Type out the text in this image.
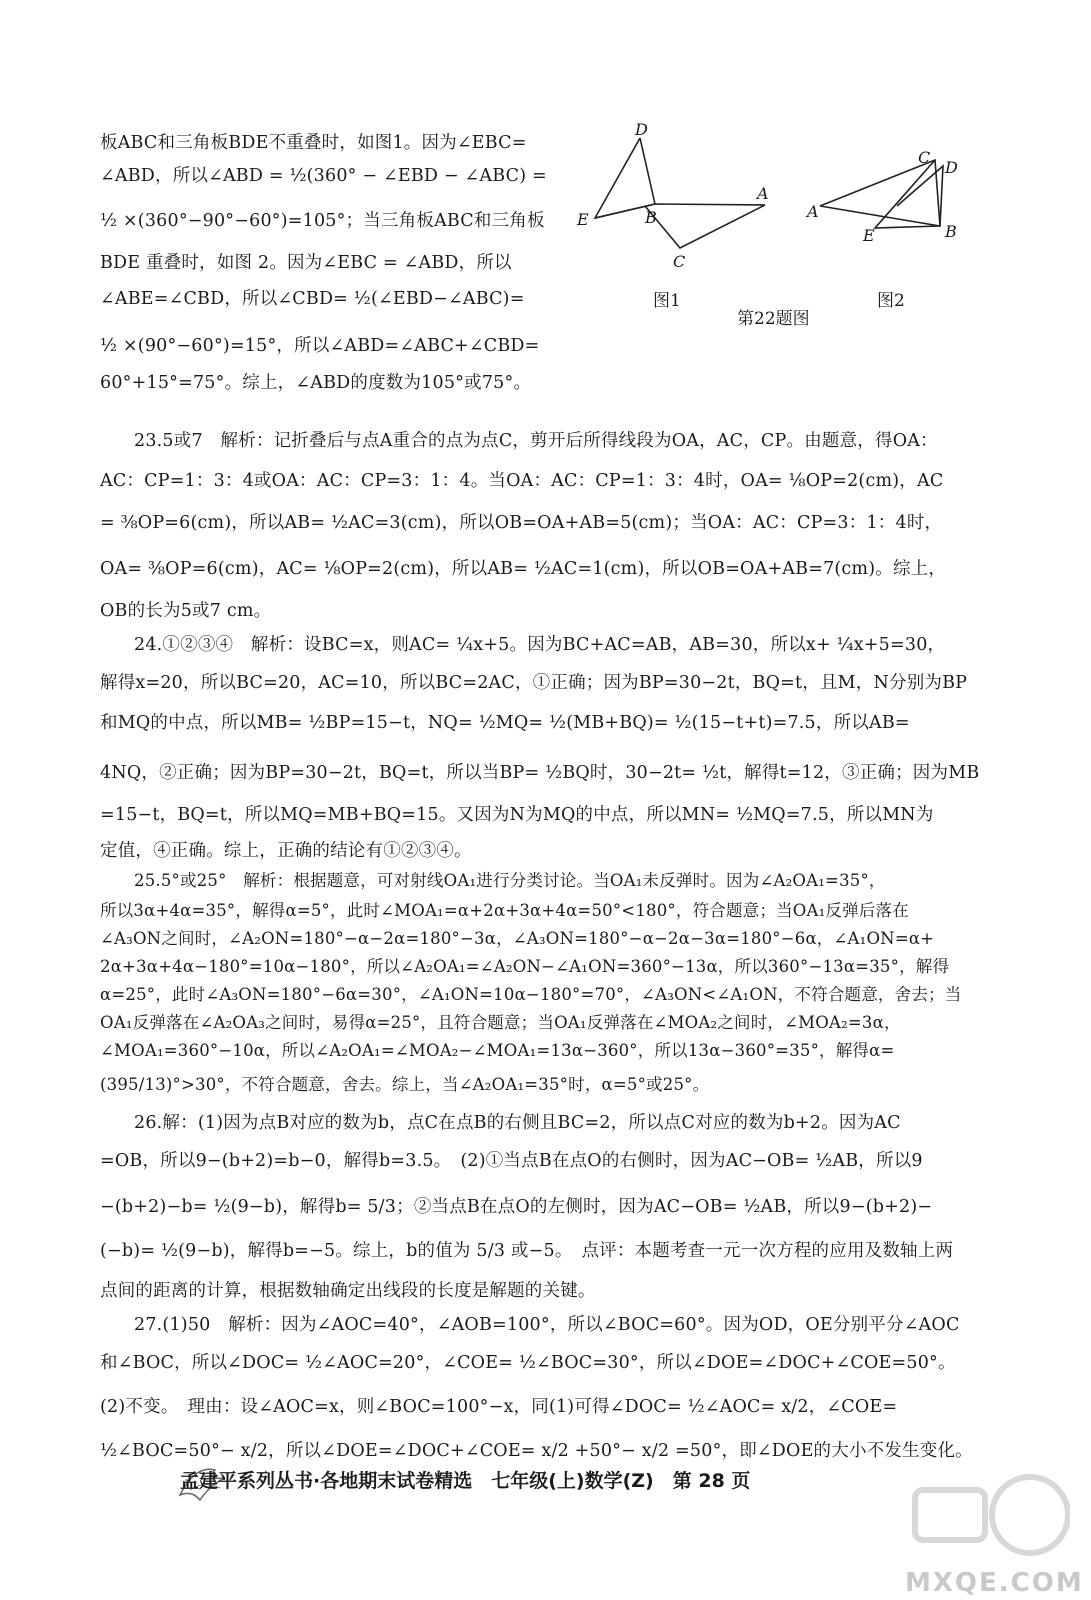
板ABC和三角板BDE不重叠时，如图1。因为∠EBC=
∠ABD，所以∠ABD = ½(360° − ∠EBD − ∠ABC) =
½ ×(360°−90°−60°)=105°；当三角板ABC和三角板
BDE 重叠时，如图 2。因为∠EBC = ∠ABD，所以
∠ABE=∠CBD，所以∠CBD= ½(∠EBD−∠ABC)=
½ ×(90°−60°)=15°，所以∠ABD=∠ABC+∠CBD=
60°+15°=75°。综上，∠ABD的度数为105°或75°。
D
E	B
A
C
C
D
A
E	B
图1	图2
第22题图
23.5或7　解析：记折叠后与点A重合的点为点C，剪开后所得线段为OA，AC，CP。由题意，得OA：
AC：CP=1：3：4或OA：AC：CP=3：1：4。当OA：AC：CP=1：3：4时，OA= ⅛OP=2(cm)，AC
= ⅜OP=6(cm)，所以AB= ½AC=3(cm)，所以OB=OA+AB=5(cm)；当OA：AC：CP=3：1：4时，
OA= ⅜OP=6(cm)，AC= ⅛OP=2(cm)，所以AB= ½AC=1(cm)，所以OB=OA+AB=7(cm)。综上，
OB的长为5或7 cm。
24.①②③④　解析：设BC=x，则AC= ¼x+5。因为BC+AC=AB，AB=30，所以x+ ¼x+5=30，
解得x=20，所以BC=20，AC=10，所以BC=2AC，①正确；因为BP=30−2t，BQ=t，且M，N分别为BP
和MQ的中点，所以MB= ½BP=15−t，NQ= ½MQ= ½(MB+BQ)= ½(15−t+t)=7.5，所以AB=
4NQ，②正确；因为BP=30−2t，BQ=t，所以当BP= ½BQ时，30−2t= ½t，解得t=12，③正确；因为MB
=15−t，BQ=t，所以MQ=MB+BQ=15。又因为N为MQ的中点，所以MN= ½MQ=7.5，所以MN为
定值，④正确。综上，正确的结论有①②③④。
25.5°或25°　解析：根据题意，可对射线OA₁进行分类讨论。当OA₁未反弹时。因为∠A₂OA₁=35°，
所以3α+4α=35°，解得α=5°，此时∠MOA₁=α+2α+3α+4α=50°<180°，符合题意；当OA₁反弹后落在
∠A₃ON之间时，∠A₂ON=180°−α−2α=180°−3α，∠A₃ON=180°−α−2α−3α=180°−6α，∠A₁ON=α+
2α+3α+4α−180°=10α−180°，所以∠A₂OA₁=∠A₂ON−∠A₁ON=360°−13α，所以360°−13α=35°，解得
α=25°，此时∠A₃ON=180°−6α=30°，∠A₁ON=10α−180°=70°，∠A₃ON<∠A₁ON，不符合题意，舍去；当
OA₁反弹落在∠A₂OA₃之间时，易得α=25°，且符合题意；当OA₁反弹落在∠MOA₂之间时，∠MOA₂=3α，
∠MOA₁=360°−10α，所以∠A₂OA₁=∠MOA₂−∠MOA₁=13α−360°，所以13α−360°=35°，解得α=
(395/13)°>30°，不符合题意，舍去。综上，当∠A₂OA₁=35°时，α=5°或25°。
26.解：(1)因为点B对应的数为b，点C在点B的右侧且BC=2，所以点C对应的数为b+2。因为AC
=OB，所以9−(b+2)=b−0，解得b=3.5。　(2)①当点B在点O的右侧时，因为AC−OB= ½AB，所以9
−(b+2)−b= ½(9−b)，解得b= 5/3；②当点B在点O的左侧时，因为AC−OB= ½AB，所以9−(b+2)−
(−b)= ½(9−b)，解得b=−5。综上，b的值为 5/3 或−5。　点评：本题考查一元一次方程的应用及数轴上两
点间的距离的计算，根据数轴确定出线段的长度是解题的关键。
27.(1)50　解析：因为∠AOC=40°，∠AOB=100°，所以∠BOC=60°。因为OD，OE分别平分∠AOC
和∠BOC，所以∠DOC= ½∠AOC=20°，∠COE= ½∠BOC=30°，所以∠DOE=∠DOC+∠COE=50°。
(2)不变。　理由：设∠AOC=x，则∠BOC=100°−x，同(1)可得∠DOC= ½∠AOC= x/2，∠COE=
½∠BOC=50°− x/2，所以∠DOE=∠DOC+∠COE= x/2 +50°− x/2 =50°，即∠DOE的大小不发生变化。
孟建平系列丛书·各地期末试卷精选　七年级(上)数学(Z)　第 28 页
MXQE.COM
